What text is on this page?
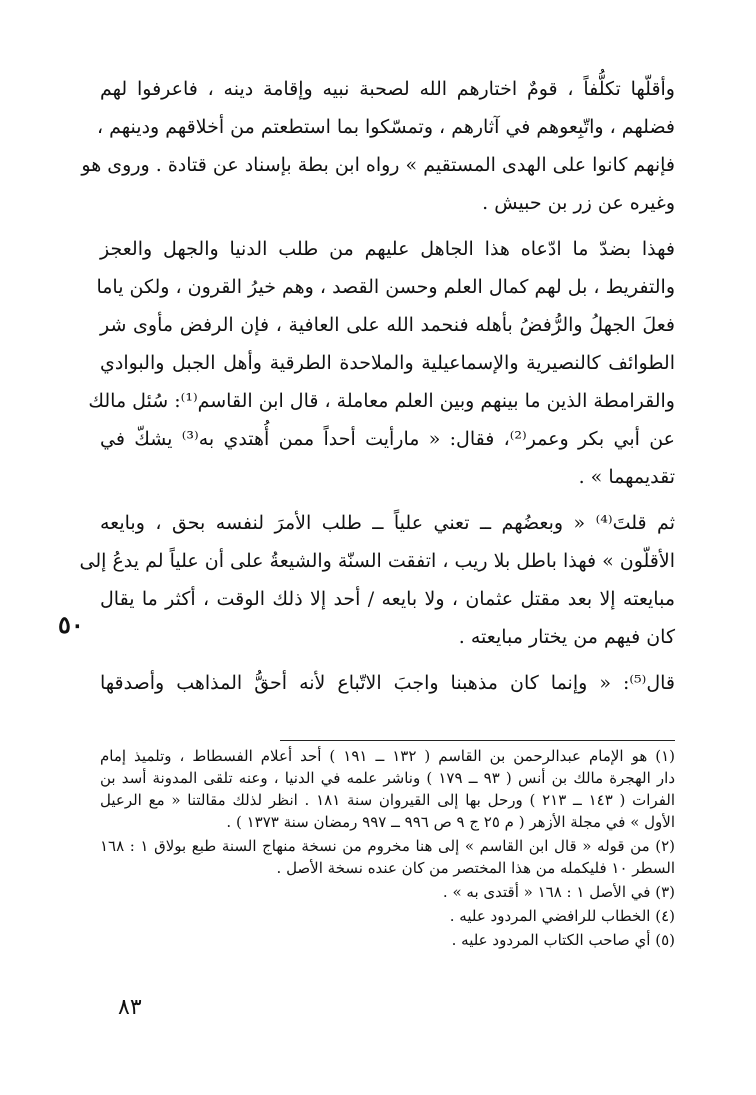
وأقلّها تكلُّفاً ، قومٌ اختارهم الله لصحبة نبيه وإقامة دينه ، فاعرفوا لهم
فضلهم ، واتّبِعوهم في آثارهم ، وتمسّكوا بما استطعتم من أخلاقهم ودينهم ،
فإنهم كانوا على الهدى المستقيم » رواه ابن بطة بإسناد عن قتادة . وروى هو
وغيره عن زر بن حبيش .
فهذا بضدّ ما ادّعاه هذا الجاهل عليهم من طلب الدنيا والجهل والعجز
والتفريط ، بل لهم كمال العلم وحسن القصد ، وهم خيرُ القرون ، ولكن ياما
فعلَ الجهلُ والرُّفضُ بأهله فنحمد الله على العافية ، فإن الرفض مأوى شر
الطوائف كالنصيرية والإسماعيلية والملاحدة الطرقية وأهل الجبل والبوادي
والقرامطة الذين ما بينهم وبين العلم معاملة ، قال ابن القاسم⁽¹⁾: سُئل مالك
عن أبي بكر وعمر⁽²⁾، فقال: « مارأيت أحداً ممن أُهتدي به⁽³⁾ يشكّ في
تقديمهما » .
ثم قلتَ⁽⁴⁾ « وبعضُهم ــ تعني علياً ــ طلب الأمرَ لنفسه بحق ، وبايعه
الأقلّون » فهذا باطل بلا ريب ، اتفقت السنّة والشيعةُ على أن علياً لم يدعُ إلى
مبايعته إلا بعد مقتل عثمان ، ولا بايعه / أحد إلا ذلك الوقت ، أكثر ما يقال
كان فيهم من يختار مبايعته .
قال⁽⁵⁾: « وإنما كان مذهبنا واجبَ الاتّباع لأنه أحقُّ المذاهب وأصدقها
٥٠
(١) هو الإمام عبدالرحمن بن القاسم ( ١٣٢ ــ ١٩١ ) أحد أعلام الفسطاط ، وتلميذ إمام
دار الهجرة مالك بن أنس ( ٩٣ ــ ١٧٩ ) وناشر علمه في الدنيا ، وعنه تلقى المدونة أسد بن
الفرات ( ١٤٣ ــ ٢١٣ ) ورحل بها إلى القيروان سنة ١٨١ . انظر لذلك مقالتنا « مع الرعيل
الأول » في مجلة الأزهر ( م ٢٥ ج ٩ ص ٩٩٦ ــ ٩٩٧ رمضان سنة ١٣٧٣ ) .
(٢) من قوله « قال ابن القاسم » إلى هنا مخروم من نسخة منهاج السنة طبع بولاق ١ : ١٦٨
السطر ١٠ فليكمله من هذا المختصر من كان عنده نسخة الأصل .
(٣) في الأصل ١ : ١٦٨ « أقتدى به » .
(٤) الخطاب للرافضي المردود عليه .
(٥) أي صاحب الكتاب المردود عليه .
٨٣
